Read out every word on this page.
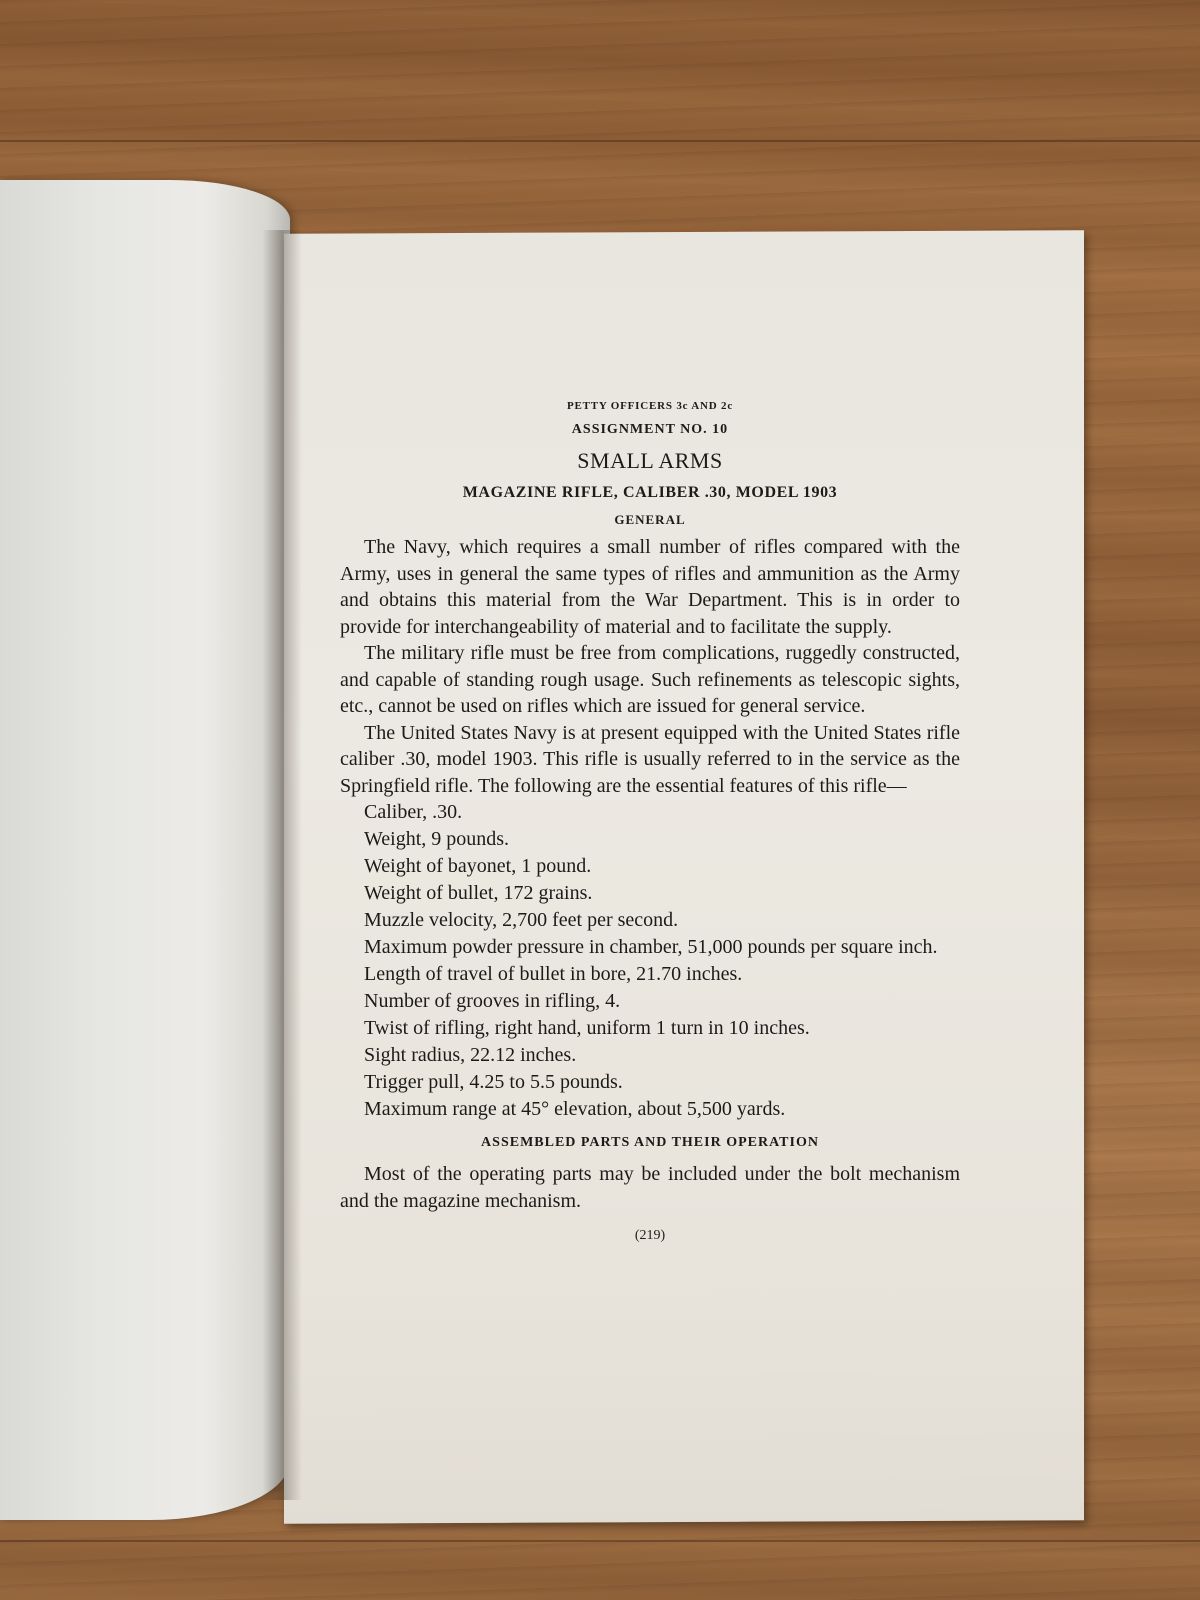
PETTY OFFICERS 3c AND 2c
ASSIGNMENT NO. 10
SMALL ARMS
MAGAZINE RIFLE, CALIBER .30, MODEL 1903
GENERAL

The Navy, which requires a small number of rifles compared with the Army, uses in general the same types of rifles and ammunition as the Army and obtains this material from the War Department. This is in order to provide for interchangeability of material and to facilitate the supply.

The military rifle must be free from complications, ruggedly constructed, and capable of standing rough usage. Such refinements as telescopic sights, etc., cannot be used on rifles which are issued for general service.

The United States Navy is at present equipped with the United States rifle caliber .30, model 1903. This rifle is usually referred to in the service as the Springfield rifle. The following are the essential features of this rifle—

Caliber, .30.
Weight, 9 pounds.
Weight of bayonet, 1 pound.
Weight of bullet, 172 grains.
Muzzle velocity, 2,700 feet per second.
Maximum powder pressure in chamber, 51,000 pounds per square inch.
Length of travel of bullet in bore, 21.70 inches.
Number of grooves in rifling, 4.
Twist of rifling, right hand, uniform 1 turn in 10 inches.
Sight radius, 22.12 inches.
Trigger pull, 4.25 to 5.5 pounds.
Maximum range at 45° elevation, about 5,500 yards.
ASSEMBLED PARTS AND THEIR OPERATION

Most of the operating parts may be included under the bolt mechanism and the magazine mechanism.

(219)
